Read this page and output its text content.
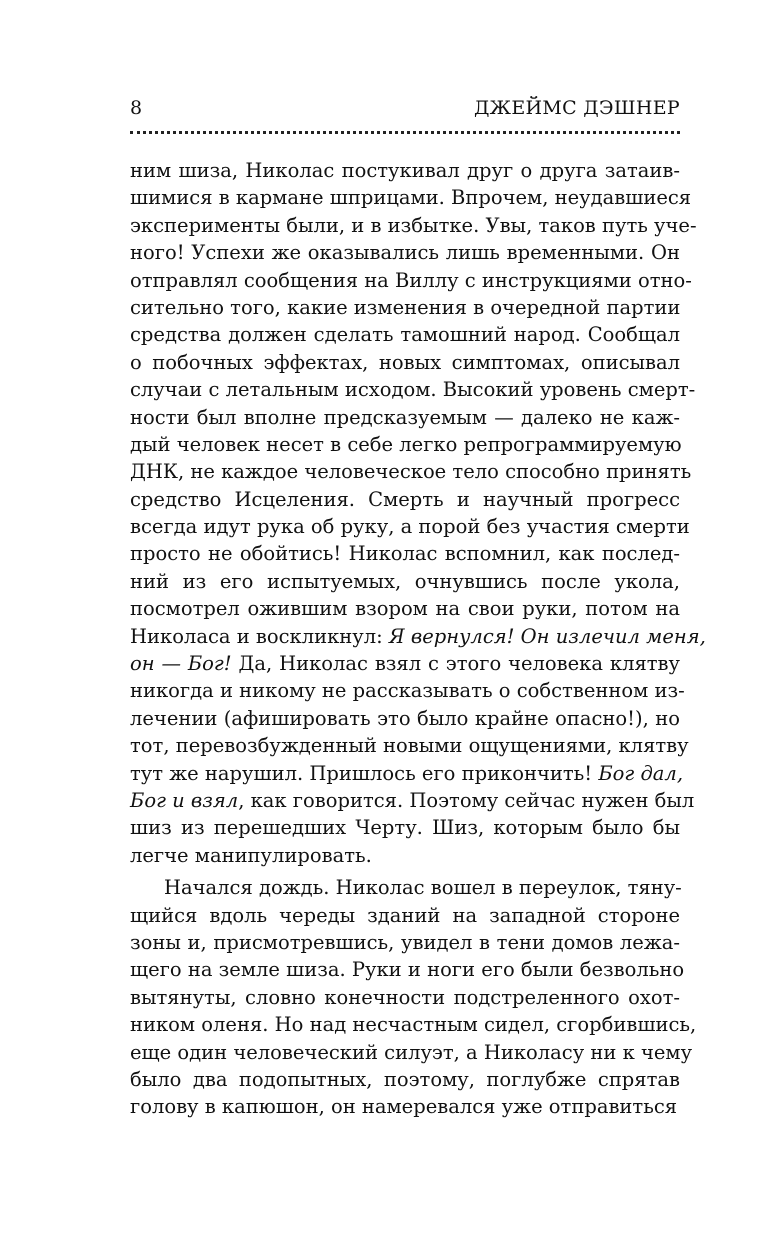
8	ДЖЕЙМС ДЭШНЕР
ним шиза, Николас постукивал друг о друга затаив-
шимися в кармане шприцами. Впрочем, неудавшиеся
эксперименты были, и в избытке. Увы, таков путь уче-
ного! Успехи же оказывались лишь временными. Он
отправлял сообщения на Виллу с инструкциями отно-
сительно того, какие изменения в очередной партии
средства должен сделать тамошний народ. Сообщал
о побочных эффектах, новых симптомах, описывал
случаи с летальным исходом. Высокий уровень смерт-
ности был вполне предсказуемым — далеко не каж-
дый человек несет в себе легко репрограммируемую
ДНК, не каждое человеческое тело способно принять
средство Исцеления. Смерть и научный прогресс
всегда идут рука об руку, а порой без участия смерти
просто не обойтись! Николас вспомнил, как послед-
ний из его испытуемых, очнувшись после укола,
посмотрел ожившим взором на свои руки, потом на
Николаса и воскликнул: Я вернулся! Он излечил меня,
он — Бог! Да, Николас взял с этого человека клятву
никогда и никому не рассказывать о собственном из-
лечении (афишировать это было крайне опасно!), но
тот, перевозбужденный новыми ощущениями, клятву
тут же нарушил. Пришлось его прикончить! Бог дал,
Бог и взял, как говорится. Поэтому сейчас нужен был
шиз из перешедших Черту. Шиз, которым было бы
легче манипулировать.
Начался дождь. Николас вошел в переулок, тяну-
щийся вдоль череды зданий на западной стороне
зоны и, присмотревшись, увидел в тени домов лежа-
щего на земле шиза. Руки и ноги его были безвольно
вытянуты, словно конечности подстреленного охот-
ником оленя. Но над несчастным сидел, сгорбившись,
еще один человеческий силуэт, а Николасу ни к чему
было два подопытных, поэтому, поглубже спрятав
голову в капюшон, он намеревался уже отправиться
